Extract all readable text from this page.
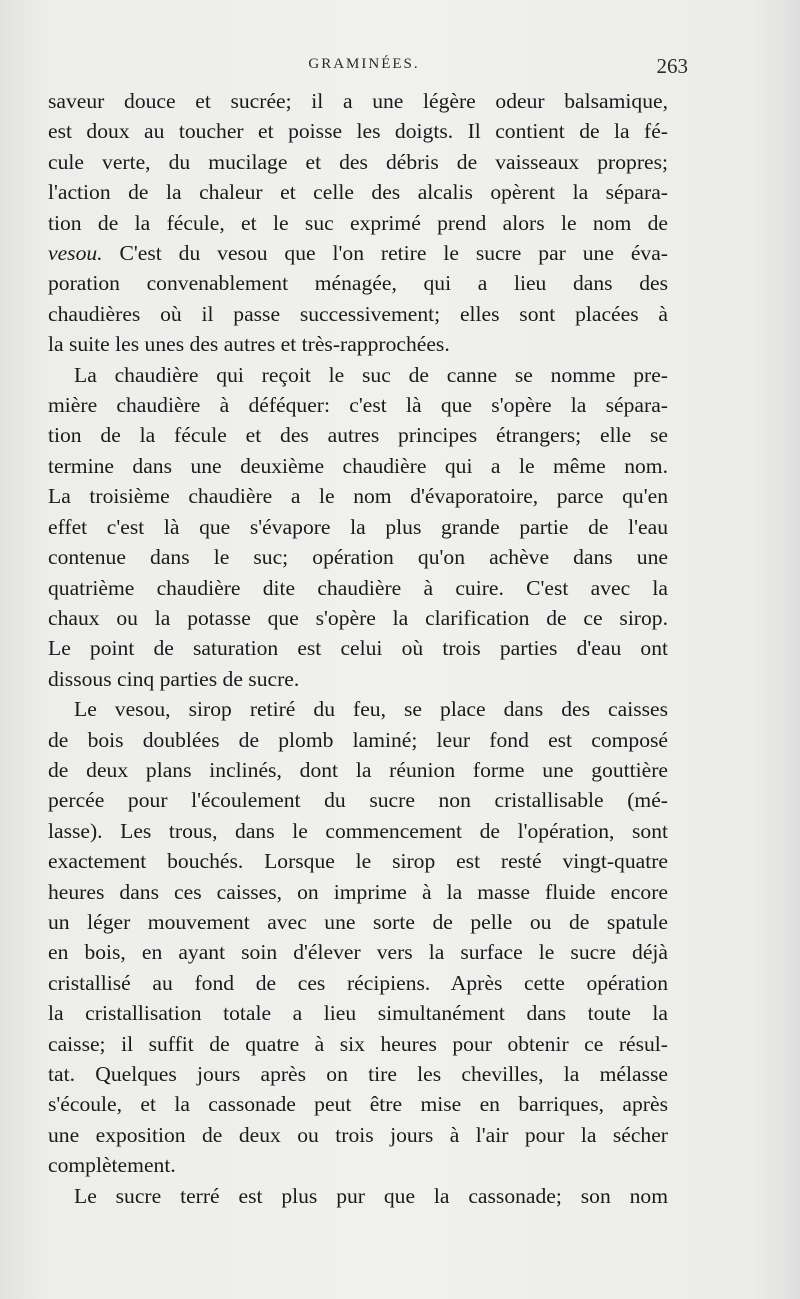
GRAMINÉES.	263
saveur douce et sucrée; il a une légère odeur balsamique,
est doux au toucher et poisse les doigts. Il contient de la fé-
cule verte, du mucilage et des débris de vaisseaux propres;
l'action de la chaleur et celle des alcalis opèrent la sépara-
tion de la fécule, et le suc exprimé prend alors le nom de
vesou. C'est du vesou que l'on retire le sucre par une éva-
poration convenablement ménagée, qui a lieu dans des
chaudières où il passe successivement; elles sont placées à
la suite les unes des autres et très-rapprochées.
La chaudière qui reçoit le suc de canne se nomme pre-
mière chaudière à déféquer: c'est là que s'opère la sépara-
tion de la fécule et des autres principes étrangers; elle se
termine dans une deuxième chaudière qui a le même nom.
La troisième chaudière a le nom d'évaporatoire, parce qu'en
effet c'est là que s'évapore la plus grande partie de l'eau
contenue dans le suc; opération qu'on achève dans une
quatrième chaudière dite chaudière à cuire. C'est avec la
chaux ou la potasse que s'opère la clarification de ce sirop.
Le point de saturation est celui où trois parties d'eau ont
dissous cinq parties de sucre.
Le vesou, sirop retiré du feu, se place dans des caisses
de bois doublées de plomb laminé; leur fond est composé
de deux plans inclinés, dont la réunion forme une gouttière
percée pour l'écoulement du sucre non cristallisable (mé-
lasse). Les trous, dans le commencement de l'opération, sont
exactement bouchés. Lorsque le sirop est resté vingt-quatre
heures dans ces caisses, on imprime à la masse fluide encore
un léger mouvement avec une sorte de pelle ou de spatule
en bois, en ayant soin d'élever vers la surface le sucre déjà
cristallisé au fond de ces récipiens. Après cette opération
la cristallisation totale a lieu simultanément dans toute la
caisse; il suffit de quatre à six heures pour obtenir ce résul-
tat. Quelques jours après on tire les chevilles, la mélasse
s'écoule, et la cassonade peut être mise en barriques, après
une exposition de deux ou trois jours à l'air pour la sécher
complètement.
Le sucre terré est plus pur que la cassonade; son nom
